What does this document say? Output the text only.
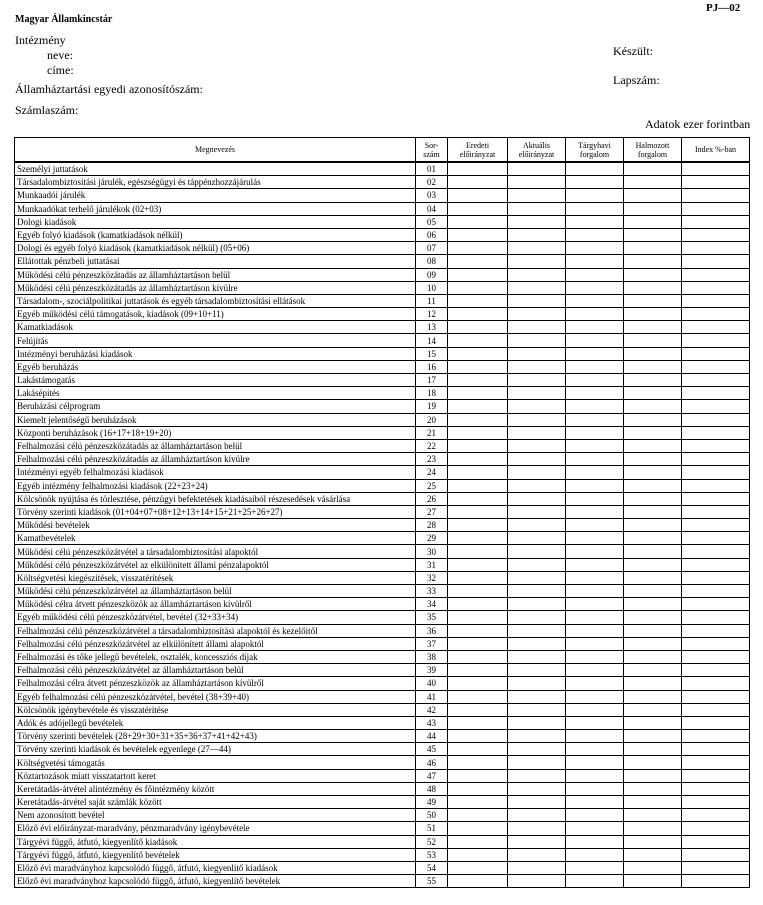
Magyar Államkincstár
PJ—02
Intézmény
neve:
címe:
Államháztartási egyedi azonosítószám:
Számlaszám:
Készült:
Lapszám:
Adatok ezer forintban
Megnevezés	Sor- szám	Eredeti előirányzat	Aktuális előirányzat	Tárgyhavi forgalom	Halmozott forgalom	Index %-ban
Személyi juttatások	01					
Társadalombiztosítási járulék, egészségügyi és táppénzhozzájárulás	02					
Munkaadói járulék	03					
Munkaadókat terhelő járulékok (02+03)	04					
Dologi kiadások	05					
Egyéb folyó kiadások (kamatkiadások nélkül)	06					
Dologi és egyéb folyó kiadások (kamatkiadások nélkül) (05+06)	07					
Ellátottak pénzbeli juttatásai	08					
Működési célú pénzeszközátadás az államháztartáson belül	09					
Működési célú pénzeszközátadás az államháztartáson kívülre	10					
Társadalom-, szociálpolitikai juttatások és egyéb társadalombiztosítási ellátások	11					
Egyéb működési célú támogatások, kiadások (09+10+11)	12					
Kamatkiadások	13					
Felújítás	14					
Intézményi beruházási kiadások	15					
Egyéb beruházás	16					
Lakástámogatás	17					
Lakásépítés	18					
Beruházási célprogram	19					
Kiemelt jelentőségű beruházások	20					
Központi beruházások (16+17+18+19+20)	21					
Felhalmozási célú pénzeszközátadás az államháztartáson belül	22					
Felhalmozási célú pénzeszközátadás az államháztartáson kívülre	23					
Intézményi egyéb felhalmozási kiadások	24					
Egyéb intézmény felhalmozási kiadások (22+23+24)	25					
Kölcsönök nyújtása és törlesztése, pénzügyi befektetések kiadásaiból részesedések vásárlása	26					
Törvény szerinti kiadások (01+04+07+08+12+13+14+15+21+25+26+27)	27					
Működési bevételek	28					
Kamatbevételek	29					
Működési célú pénzeszközátvétel a társadalombiztosítási alapoktól	30					
Működési célú pénzeszközátvétel az elkülönített állami pénzalapoktól	31					
Költségvetési kiegészítések, visszatérítések	32					
Működési célú pénzeszközátvétel az államháztartáson belül	33					
Működési célra átvett pénzeszközök az államháztartáson kívülről	34					
Egyéb működési célú pénzeszközátvétel, bevétel (32+33+34)	35					
Felhalmozási célú pénzeszközátvétel a társadalombiztosítási alapoktól és kezelőitől	36					
Felhalmozási célú pénzeszközátvétel az elkülönített állami alapoktól	37					
Felhalmozási és tőke jellegű bevételek, osztalék, koncessziós díjak	38					
Felhalmozási célú pénzeszközátvétel az államháztartáson belül	39					
Felhalmozási célra átvett pénzeszközök az államháztartáson kívülről	40					
Egyéb felhalmozási célú pénzeszközátvétel, bevétel (38+39+40)	41					
Kölcsönök igénybevétele és visszatérítése	42					
Adók és adójellegű bevételek	43					
Törvény szerinti bevételek (28+29+30+31+35+36+37+41+42+43)	44					
Törvény szerinti kiadások és bevételek egyenlege (27—44)	45					
Költségvetési támogatás	46					
Köztartozások miatt visszatartott keret	47					
Keretátadás-átvétel alintézmény és főintézmény között	48					
Keretátadás-átvétel saját számlák között	49					
Nem azonosított bevétel	50					
Előző évi előirányzat-maradvány, pénzmaradvány igénybevétele	51					
Tárgyévi függő, átfutó, kiegyenlítő kiadások	52					
Tárgyévi függő, átfutó, kiegyenlítő bevételek	53					
Előző évi maradványhoz kapcsolódó függő, átfutó, kiegyenlítő kiadások	54					
Előző évi maradványhoz kapcsolódó függő, átfutó, kiegyenlítő bevételek	55					
